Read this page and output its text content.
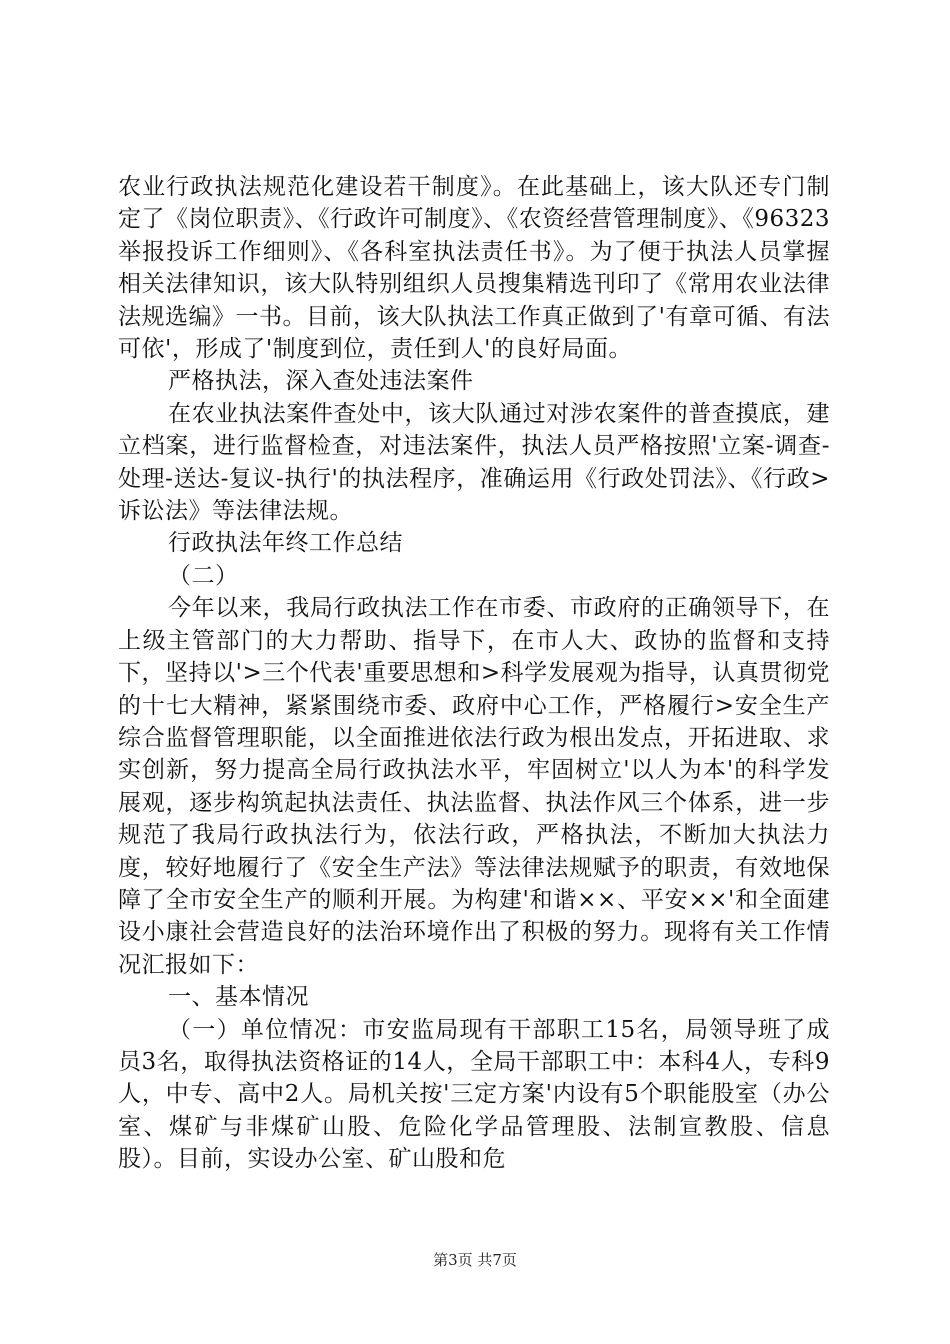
农业行政执法规范化建设若干制度》。在此基础上，该大队还专门制定了《岗位职责》、《行政许可制度》、《农资经营管理制度》、《96323举报投诉工作细则》、《各科室执法责任书》。为了便于执法人员掌握相关法律知识，该大队特别组织人员搜集精选刊印了《常用农业法律法规选编》一书。目前，该大队执法工作真正做到了'有章可循、有法可依'，形成了'制度到位，责任到人'的良好局面。

严格执法，深入查处违法案件

在农业执法案件查处中，该大队通过对涉农案件的普查摸底，建立档案，进行监督检查，对违法案件，执法人员严格按照'立案-调查-处理-送达-复议-执行'的执法程序，准确运用《行政处罚法》、《行政>诉讼法》等法律法规。

行政执法年终工作总结

（二）

今年以来，我局行政执法工作在市委、市政府的正确领导下，在上级主管部门的大力帮助、指导下，在市人大、政协的监督和支持下，坚持以'>三个代表'重要思想和>科学发展观为指导，认真贯彻党的十七大精神，紧紧围绕市委、政府中心工作，严格履行>安全生产综合监督管理职能，以全面推进依法行政为根出发点，开拓进取、求实创新，努力提高全局行政执法水平，牢固树立'以人为本'的科学发展观，逐步构筑起执法责任、执法监督、执法作风三个体系，进一步规范了我局行政执法行为，依法行政，严格执法，不断加大执法力度，较好地履行了《安全生产法》等法律法规赋予的职责，有效地保障了全市安全生产的顺利开展。为构建'和谐××、平安××'和全面建设小康社会营造良好的法治环境作出了积极的努力。现将有关工作情况汇报如下：

一、基本情况

（一）单位情况：市安监局现有干部职工15名，局领导班了成员3名，取得执法资格证的14人，全局干部职工中：本科4人，专科9人，中专、高中2人。局机关按'三定方案'内设有5个职能股室（办公室、煤矿与非煤矿山股、危险化学品管理股、法制宣教股、信息股）。目前，实设办公室、矿山股和危

第3页 共7页
